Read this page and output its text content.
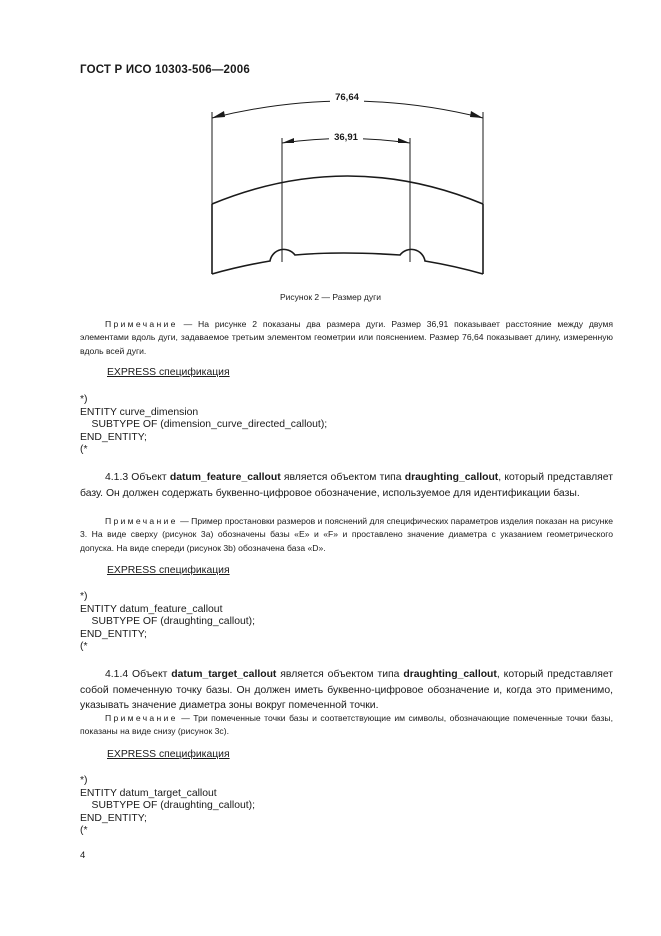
ГОСТ Р ИСО 10303-506—2006
76,64
36,91
Рисунок 2 — Размер дуги
Примечание — На рисунке 2 показаны два размера дуги. Размер 36,91 показывает расстояние между двумя элементами вдоль дуги, задаваемое третьим элементом геометрии или пояснением. Размер 76,64 показывает длину, измеренную вдоль всей дуги.
EXPRESS спецификация
*)
ENTITY curve_dimension
SUBTYPE OF (dimension_curve_directed_callout);
END_ENTITY;
(*
4.1.3 Объект datum_feature_callout является объектом типа draughting_callout, который представляет базу. Он должен содержать буквенно-цифровое обозначение, используемое для идентификации базы.
Примечание — Пример простановки размеров и пояснений для специфических параметров изделия показан на рисунке 3. На виде сверху (рисунок 3a) обозначены базы «Е» и «F» и проставлено значение диаметра с указанием геометрического допуска. На виде спереди (рисунок 3b) обозначена база «D».
EXPRESS спецификация
*)
ENTITY datum_feature_callout
SUBTYPE OF (draughting_callout);
END_ENTITY;
(*
4.1.4 Объект datum_target_callout является объектом типа draughting_callout, который представляет собой помеченную точку базы. Он должен иметь буквенно-цифровое обозначение и, когда это применимо, указывать значение диаметра зоны вокруг помеченной точки.
Примечание — Три помеченные точки базы и соответствующие им символы, обозначающие помеченные точки базы, показаны на виде снизу (рисунок 3c).
EXPRESS спецификация
*)
ENTITY datum_target_callout
SUBTYPE OF (draughting_callout);
END_ENTITY;
(*
4
